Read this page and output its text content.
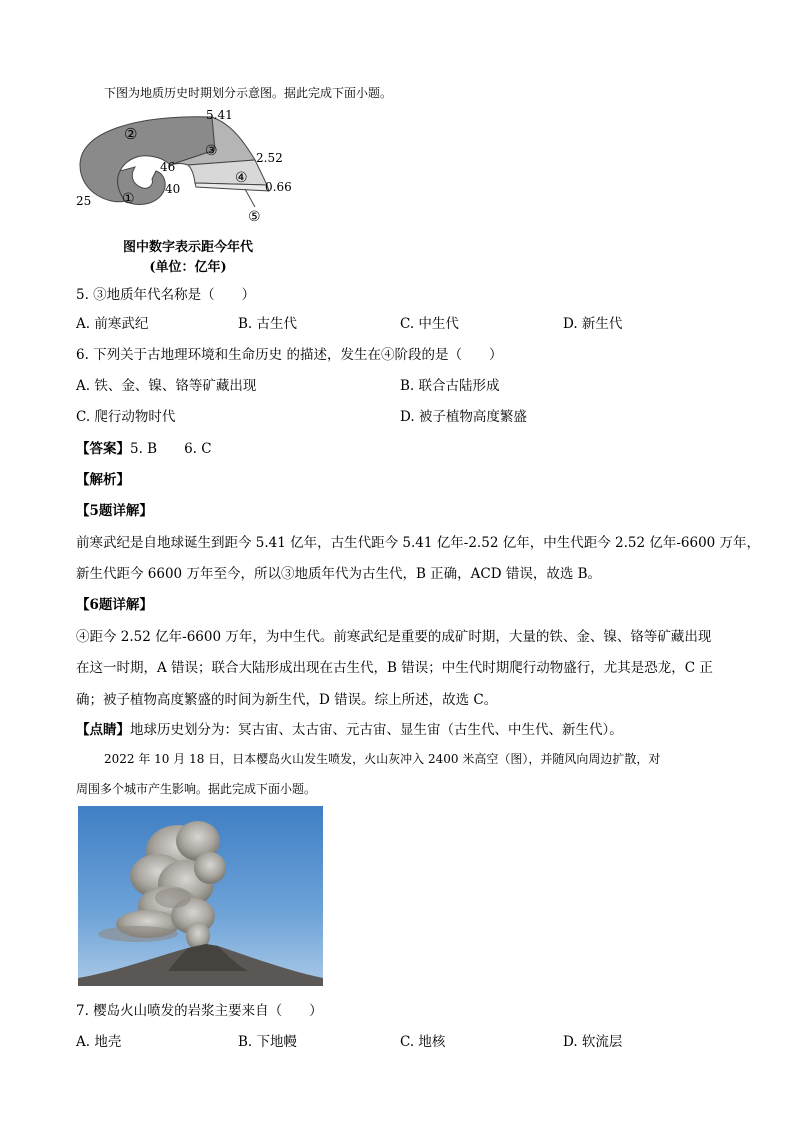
下图为地质历史时期划分示意图。据此完成下面小题。
5.41
2.52
0.66
46
40
25 ①
②
③
④
⑤
图中数字表示距今年代
(单位：亿年)
5. ③地质年代名称是（　　）
A. 前寒武纪	B. 古生代	C. 中生代	D. 新生代
6. 下列关于古地理环境和生命历史 的描述，发生在④阶段的是（　　）
A. 铁、金、镍、铬等矿藏出现	B. 联合古陆形成
C. 爬行动物时代	D. 被子植物高度繁盛
【答案】5. B　　6. C
【解析】
【5题详解】
前寒武纪是自地球诞生到距今 5.41 亿年，古生代距今 5.41 亿年-2.52 亿年，中生代距今 2.52 亿年-6600 万年，
新生代距今 6600 万年至今，所以③地质年代为古生代，B 正确，ACD 错误，故选 B。
【6题详解】
④距今 2.52 亿年-6600 万年，为中生代。前寒武纪是重要的成矿时期，大量的铁、金、镍、铬等矿藏出现
在这一时期，A 错误；联合大陆形成出现在古生代，B 错误；中生代时期爬行动物盛行，尤其是恐龙，C 正
确；被子植物高度繁盛的时间为新生代，D 错误。综上所述，故选 C。
【点睛】地球历史划分为：冥古宙、太古宙、元古宙、显生宙（古生代、中生代、新生代）。
2022 年 10 月 18 日，日本樱岛火山发生喷发，火山灰冲入 2400 米高空（图），并随风向周边扩散，对
周围多个城市产生影响。据此完成下面小题。
7. 樱岛火山喷发的岩浆主要来自（　　）
A. 地壳	B. 下地幔	C. 地核	D. 软流层
